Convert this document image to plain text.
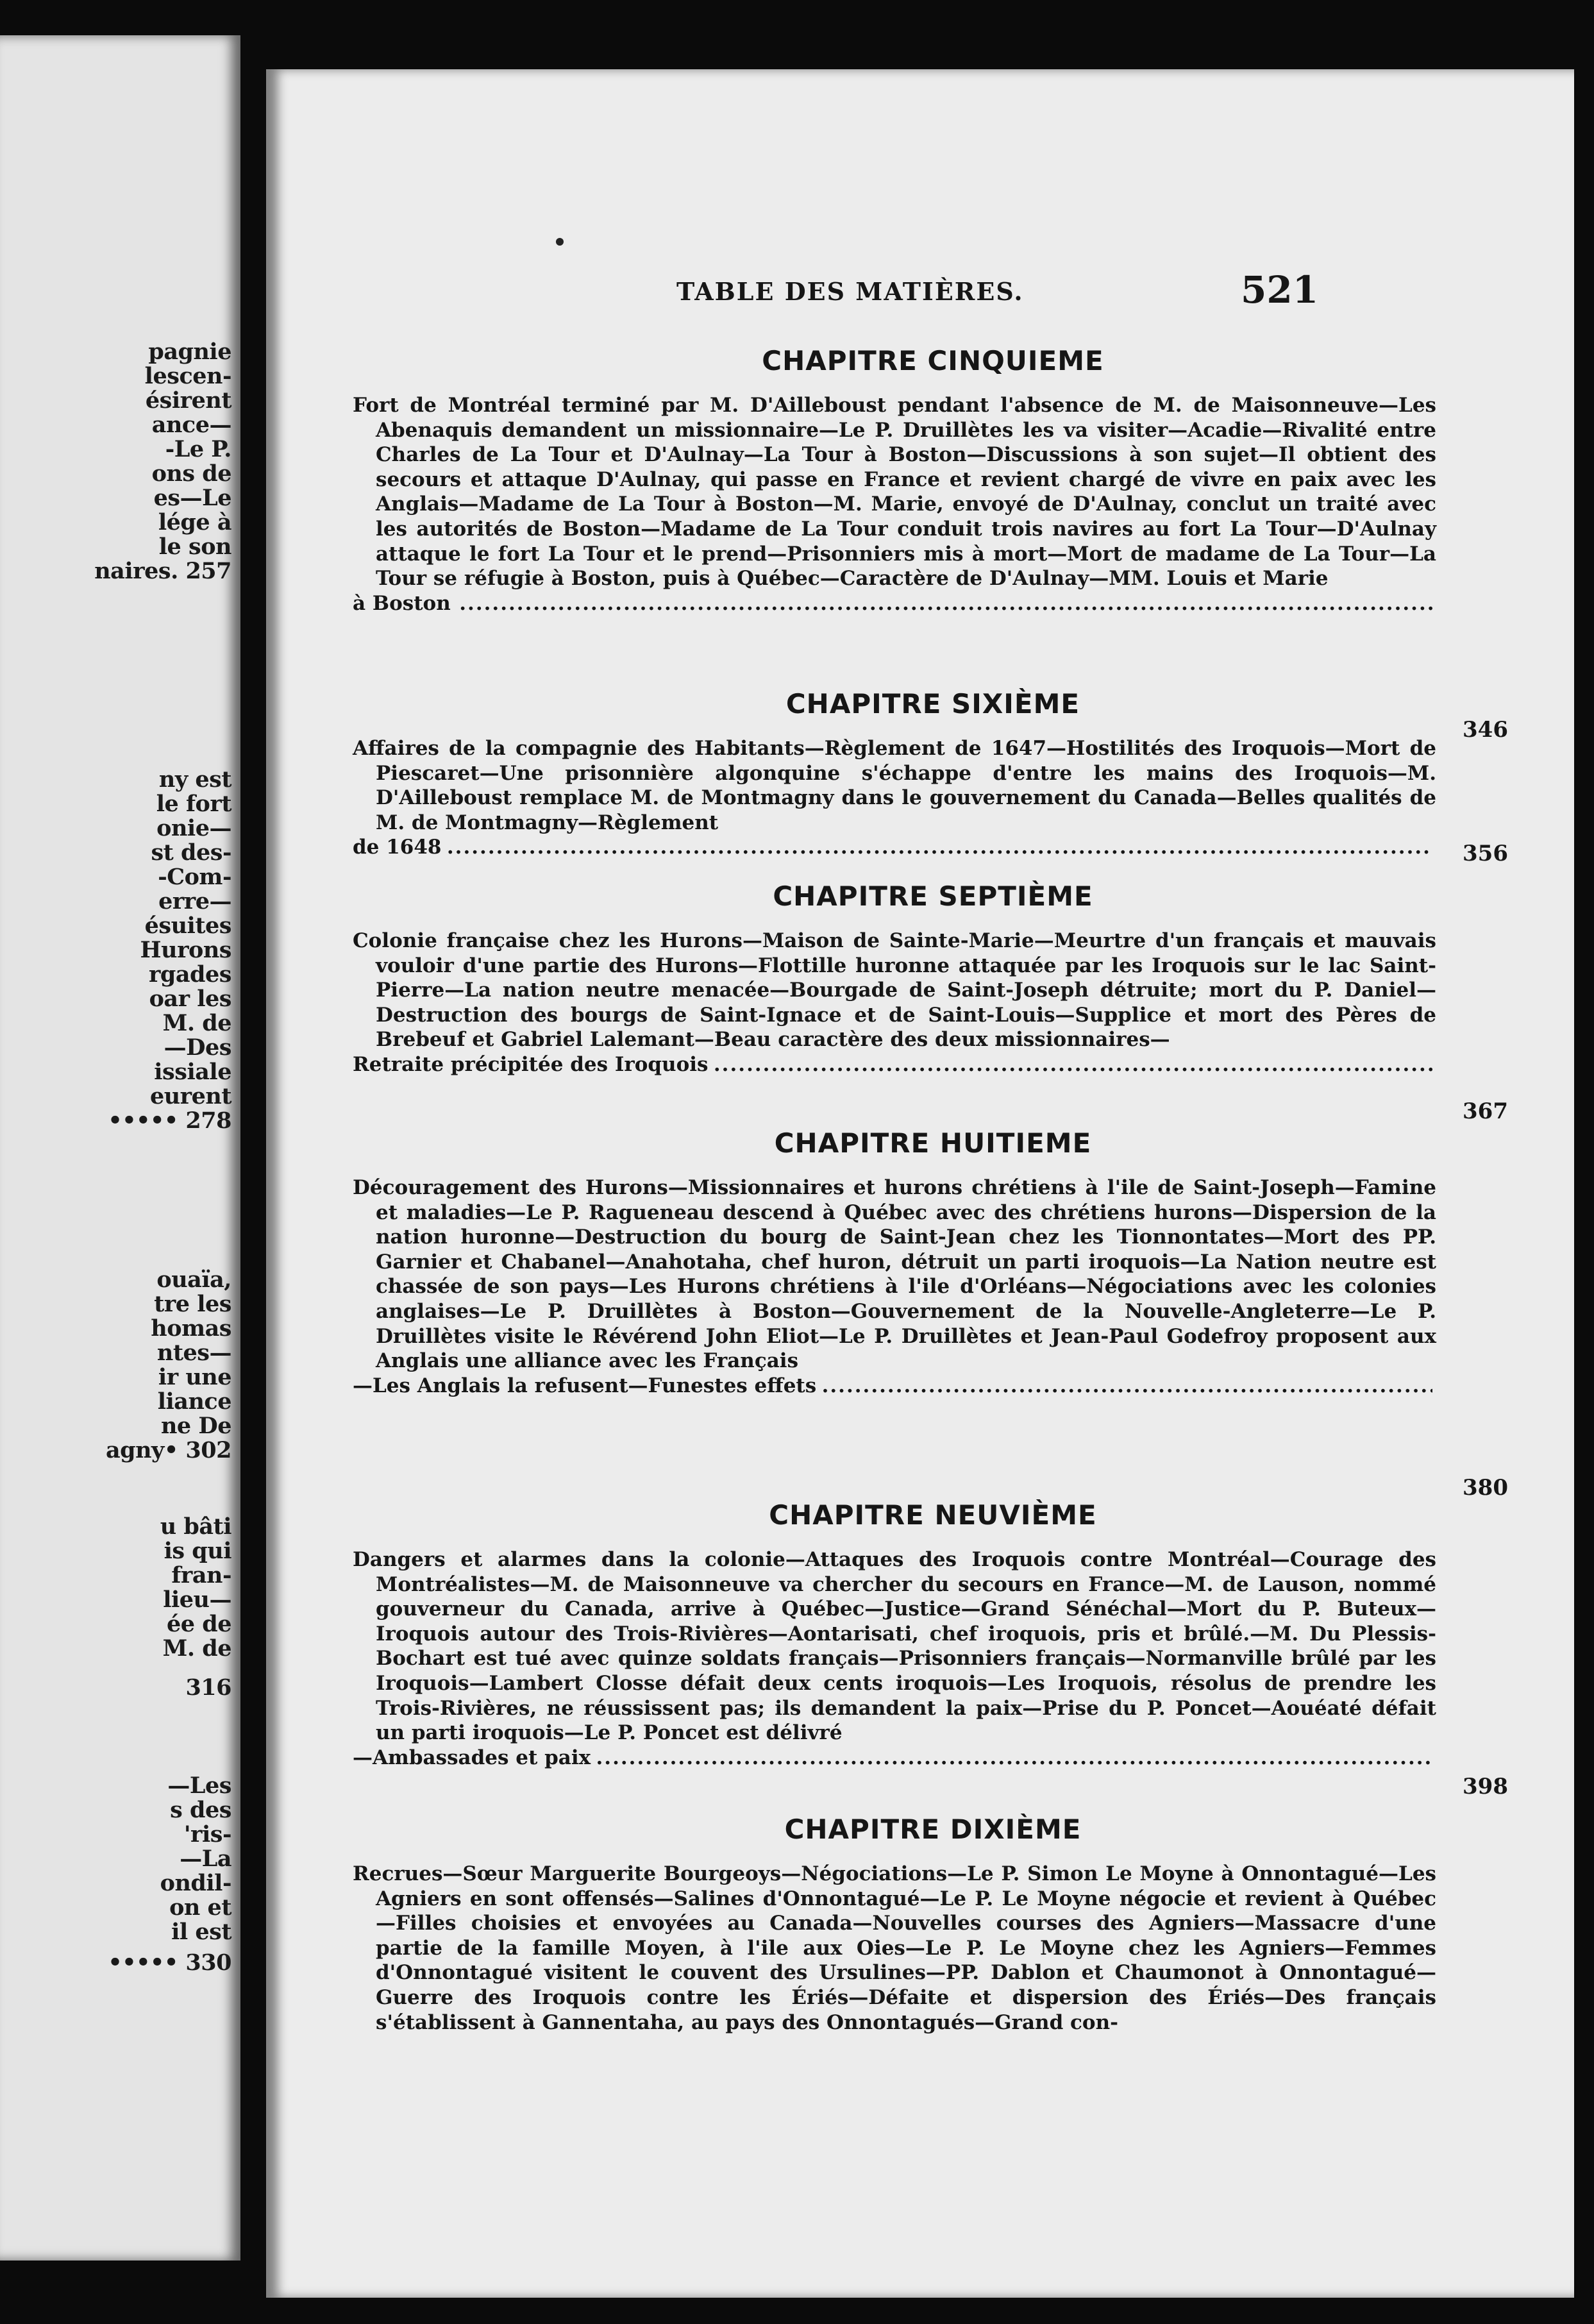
pagnie
lescen-
ésirent
ance—
-Le P.
ons de
es—Le
lége à
le son
naires. 257
ny est
le fort
onie—
st des-
-Com-
erre—
ésuites
Hurons
rgades
oar les
M. de
—Des
issiale
eurent
••••• 278
ouaïa,
tre les
homas
ntes—
ir une
liance
ne De
agny• 302
u bâti
is qui
fran-
lieu—
ée de
M. de
316
—Les
s des
'ris-
—La
ondil-
on et
il est
••••• 330
TABLE DES MATIÈRES.	521
CHAPITRE CINQUIEME
Fort de Montréal terminé par M. D'Ailleboust pendant l'absence de M. de Maisonneuve—Les Abenaquis demandent un missionnaire—Le P. Druillètes les va visiter—Acadie—Rivalité entre Charles de La Tour et D'Aulnay—La Tour à Boston—Discussions à son sujet—Il obtient des secours et attaque D'Aulnay, qui passe en France et revient chargé de vivre en paix avec les Anglais—Madame de La Tour à Boston—M. Marie, envoyé de D'Aulnay, conclut un traité avec les autorités de Boston—Madame de La Tour conduit trois navires au fort La Tour—D'Aulnay attaque le fort La Tour et le prend—Prisonniers mis à mort—Mort de madame de La Tour—La Tour se réfugie à Boston, puis à Québec—Caractère de D'Aulnay—MM. Louis et Marie
à Boston
.....
346
CHAPITRE SIXIÈME
Affaires de la compagnie des Habitants—Règlement de 1647—Hostilités des Iroquois—Mort de Piescaret—Une prisonnière algonquine s'échappe d'entre les mains des Iroquois—M. D'Ailleboust remplace M. de Montmagny dans le gouvernement du Canada—Belles qualités de M. de Montmagny—Règlement
de 1648
.....	356
CHAPITRE SEPTIÈME
Colonie française chez les Hurons—Maison de Sainte-Marie—Meurtre d'un français et mauvais vouloir d'une partie des Hurons—Flottille huronne attaquée par les Iroquois sur le lac Saint-Pierre—La nation neutre menacée—Bourgade de Saint-Joseph détruite; mort du P. Daniel—Destruction des bourgs de Saint-Ignace et de Saint-Louis—Supplice et mort des Pères de Brebeuf et Gabriel Lalemant—Beau caractère des deux missionnaires—
Retraite précipitée des Iroquois
.....
367
CHAPITRE HUITIEME
Découragement des Hurons—Missionnaires et hurons chrétiens à l'ile de Saint-Joseph—Famine et maladies—Le P. Ragueneau descend à Québec avec des chrétiens hurons—Dispersion de la nation huronne—Destruction du bourg de Saint-Jean chez les Tionnontates—Mort des PP. Garnier et Chabanel—Anahotaha, chef huron, détruit un parti iroquois—La Nation neutre est chassée de son pays—Les Hurons chrétiens à l'ile d'Orléans—Négociations avec les colonies anglaises—Le P. Druillètes à Boston—Gouvernement de la Nouvelle-Angleterre—Le P. Druillètes visite le Révérend John Eliot—Le P. Druillètes et Jean-Paul Godefroy proposent aux Anglais une alliance avec les Français
—Les Anglais la refusent—Funestes effets
.....
380
CHAPITRE NEUVIÈME
Dangers et alarmes dans la colonie—Attaques des Iroquois contre Montréal—Courage des Montréalistes—M. de Maisonneuve va chercher du secours en France—M. de Lauson, nommé gouverneur du Canada, arrive à Québec—Justice—Grand Sénéchal—Mort du P. Buteux—Iroquois autour des Trois-Rivières—Aontarisati, chef iroquois, pris et brûlé.—M. Du Plessis-Bochart est tué avec quinze soldats français—Prisonniers français—Normanville brûlé par les Iroquois—Lambert Closse défait deux cents iroquois—Les Iroquois, résolus de prendre les Trois-Rivières, ne réussissent pas; ils demandent la paix—Prise du P. Poncet—Aouéaté défait un parti iroquois—Le P. Poncet est délivré
—Ambassades et paix
.....
398
CHAPITRE DIXIÈME
Recrues—Sœur Marguerite Bourgeoys—Négociations—Le P. Simon Le Moyne à Onnontagué—Les Agniers en sont offensés—Salines d'Onnontagué—Le P. Le Moyne négocie et revient à Québec—Filles choisies et envoyées au Canada—Nouvelles courses des Agniers—Massacre d'une partie de la famille Moyen, à l'ile aux Oies—Le P. Le Moyne chez les Agniers—Femmes d'Onnontagué visitent le couvent des Ursulines—PP. Dablon et Chaumonot à Onnontagué—Guerre des Iroquois contre les Ériés—Défaite et dispersion des Ériés—Des français s'établissent à Gannentaha, au pays des Onnontagués—Grand con-
